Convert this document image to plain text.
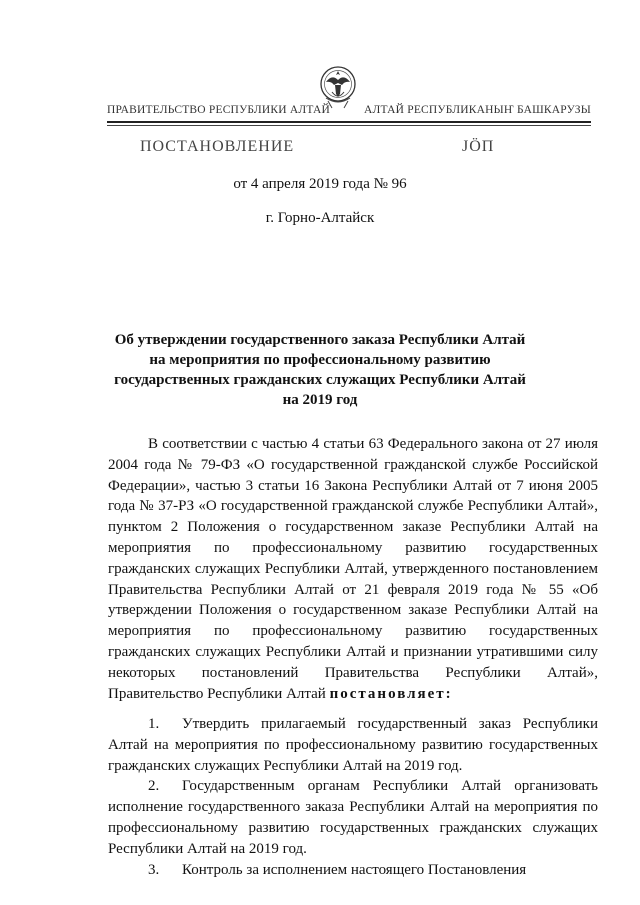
ПРАВИТЕЛЬСТВО РЕСПУБЛИКИ АЛТАЙ	АЛТАЙ РЕСПУБЛИКАНЫҤ БАШКАРУЗЫ
ПОСТАНОВЛЕНИЕ	ЈӦП
от 4 апреля 2019 года № 96
г. Горно-Алтайск
Об утверждении государственного заказа Республики Алтай
на мероприятия по профессиональному развитию
государственных гражданских служащих Республики Алтай
на 2019 год

В соответствии с частью 4 статьи 63 Федерального закона от 27 июля 2004 года № 79-ФЗ «О государственной гражданской службе Российской Федерации», частью 3 статьи 16 Закона Республики Алтай от 7 июня 2005 года № 37-РЗ «О государственной гражданской службе Республики Алтай», пунктом 2 Положения о государственном заказе Республики Алтай на мероприятия по профессиональному развитию государственных гражданских служащих Республики Алтай, утвержденного постановлением Правительства Республики Алтай от 21 февраля 2019 года № 55 «Об утверждении Положения о государственном заказе Республики Алтай на мероприятия по профессиональному развитию государственных гражданских служащих Республики Алтай и признании утратившими силу некоторых постановлений Правительства Республики Алтай», Правительство Республики Алтай постановляет:

1. Утвердить прилагаемый государственный заказ Республики Алтай на мероприятия по профессиональному развитию государственных гражданских служащих Республики Алтай на 2019 год.

2. Государственным органам Республики Алтай организовать исполнение государственного заказа Республики Алтай на мероприятия по профессиональному развитию государственных гражданских служащих Республики Алтай на 2019 год.

3. Контроль за исполнением настоящего Постановления
